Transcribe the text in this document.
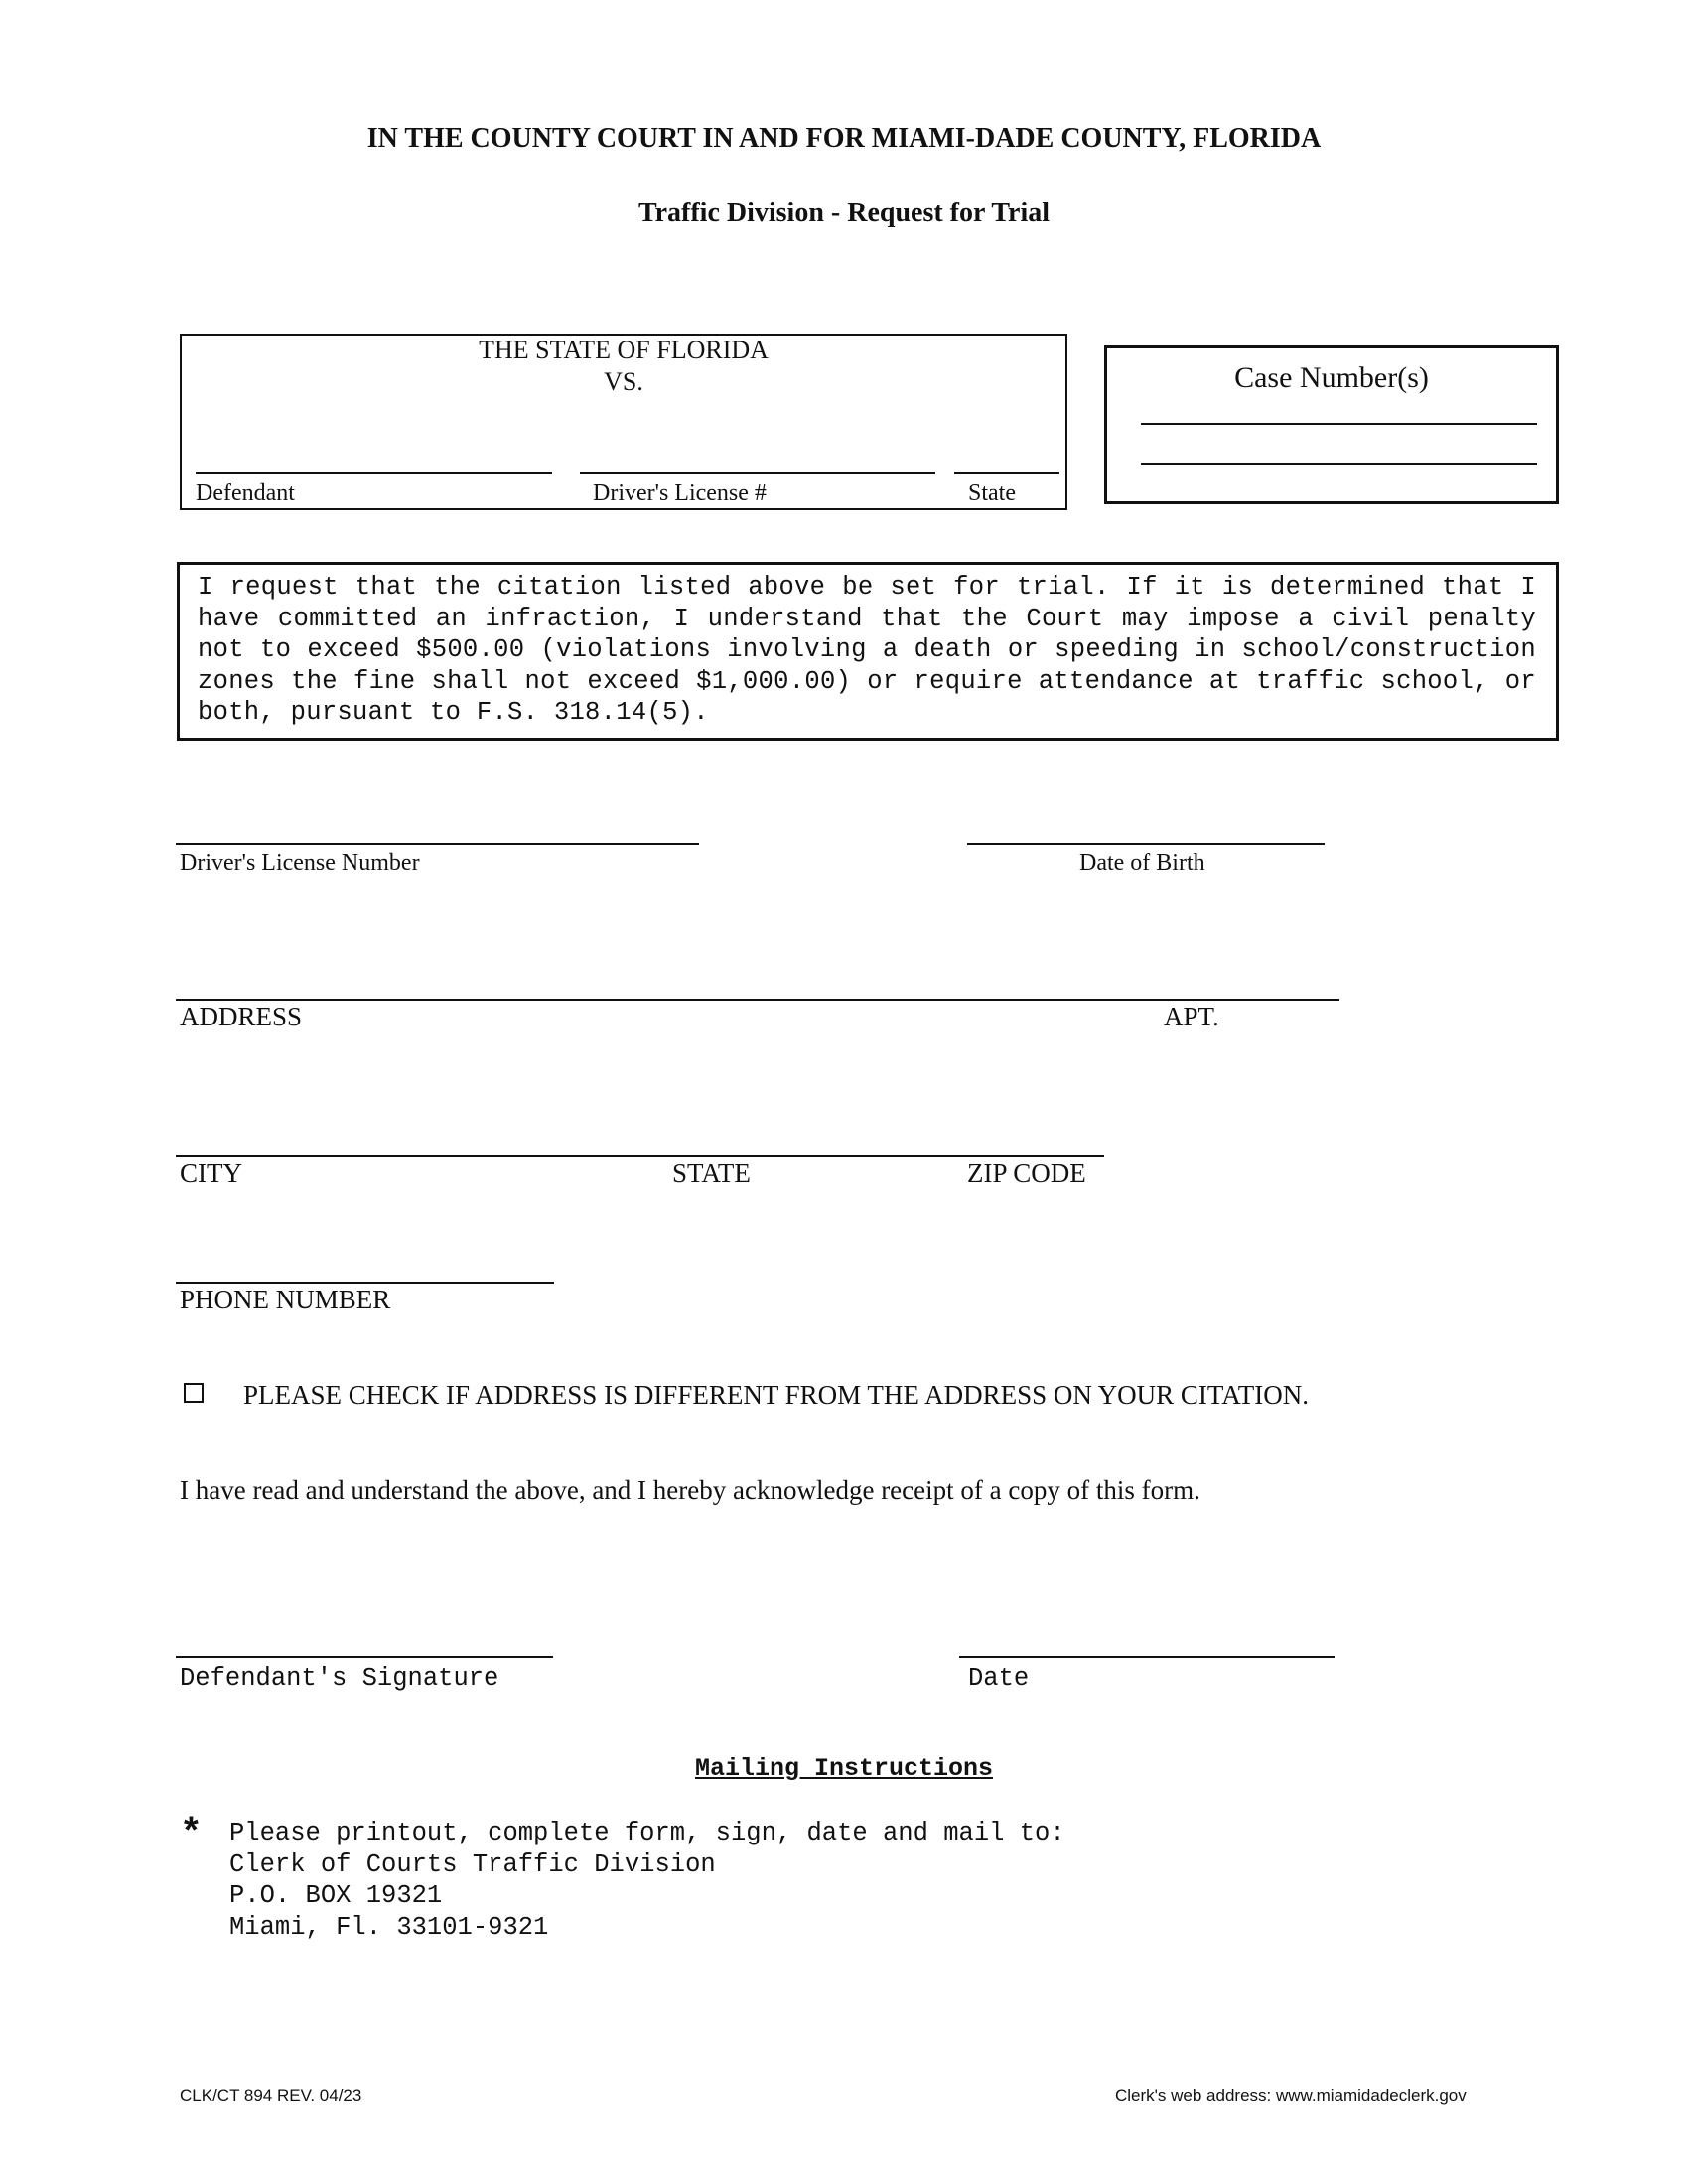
IN THE COUNTY COURT IN AND FOR MIAMI-DADE COUNTY, FLORIDA
Traffic Division - Request for Trial
THE STATE OF FLORIDA
VS.
Defendant	Driver's License #	State
Case Number(s)
I request that the citation listed above be set for trial. If it is determined that I have committed an infraction, I understand that the Court may impose a civil penalty not to exceed $500.00 (violations involving a death or speeding in school/construction zones the fine shall not exceed $1,000.00) or require attendance at traffic school, or both, pursuant to F.S. 318.14(5).
Driver's License Number	Date of Birth
ADDRESS	APT.
CITY	STATE	ZIP CODE
PHONE NUMBER
PLEASE CHECK IF ADDRESS IS DIFFERENT FROM THE ADDRESS ON YOUR CITATION.
I have read and understand the above, and I hereby acknowledge receipt of a copy of this form.
Defendant's Signature	Date
Mailing Instructions
* Please printout, complete form, sign, date and mail to:
Clerk of Courts Traffic Division
P.O. BOX 19321
Miami, Fl. 33101-9321
CLK/CT 894 REV. 04/23	Clerk's web address: www.miamidadeclerk.gov
